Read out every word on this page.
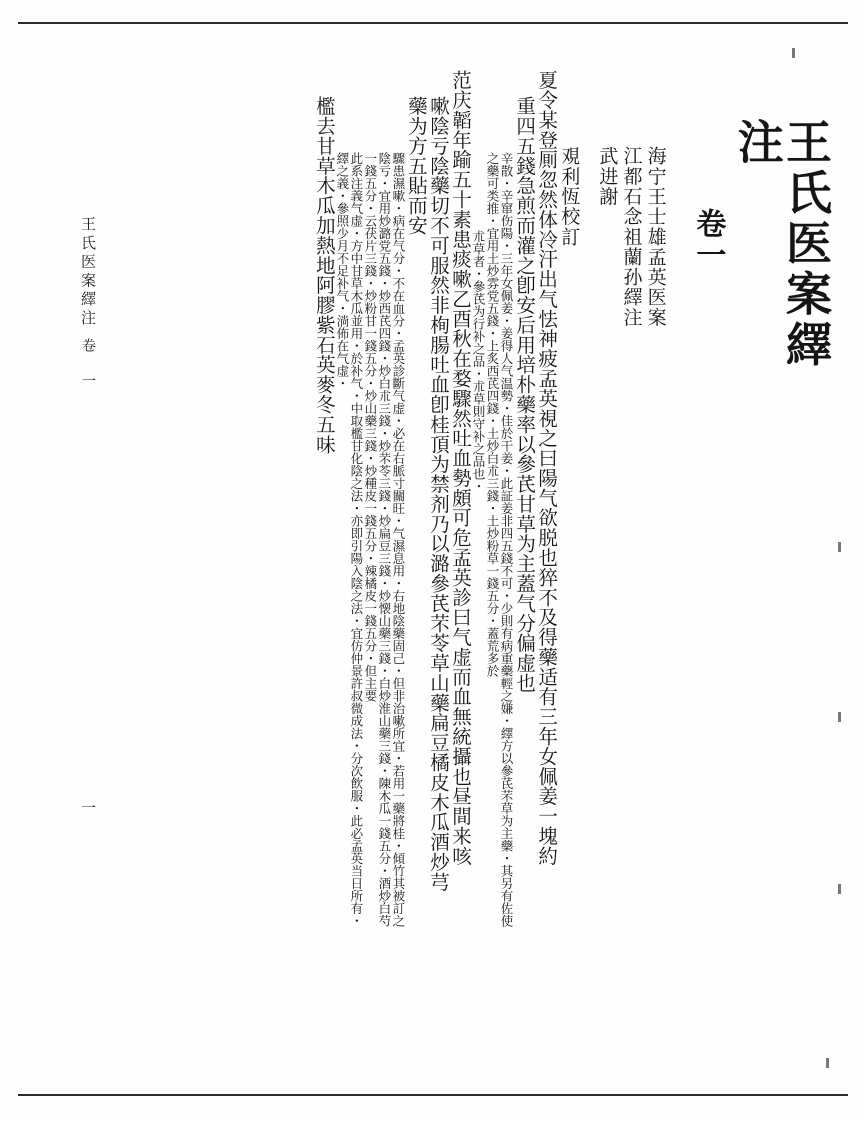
王氏医案繹注
卷 一
一
王氏医案繹注
卷一
海宁王士雄孟英医案
江都石念祖蘭孙繹注
武进謝
覌利恆校訂
夏令某登厠忽然体冷汗出气怯神疲孟英視之曰陽气欲脱也猝不及得藥适有三年女佩姜一塊約
重四五錢急煎而灌之卽安后用培朴藥率以參芪甘草为主蓋气分偏虚也
辛散・辛窜伤陽・三年女佩姜・姜得人气温勢・佳於干姜・此証姜非四五錢不可・少則有病重藥輕之嫌・繹方以參芪芣草为主藥・其另有佐使之藥可类推・宜用土炒雰党五錢・上炙西芪四錢・土炒白朮三錢・土炒粉草一錢五分・蓋荒多於
朮草者・參芪为行补之品・朮草則守补之品也・
范庆韜年踰五十素患痰嗽乙酉秋在婺驟然吐血勢頗可危孟英診曰气虚而血無統攝也昼間来咳
嗽陰亏陰藥切不可服然非栒腸吐血卽桂頂为禁剂乃以潞參芪芣苓草山藥扁豆橘皮木瓜酒炒芎
藥为方五貼而安
驟患濕嗽・病在气分・不在血分・孟英診斷气虚・必在右脈寸關旺・气濕息用・右地陰藥固己・但非治嗽所宜・若用一藥將桂・傾竹其被訂之陰亏・宜用炒潞党五錢・炒西芪四錢・炒白朮三錢・炒芣苓三錢・炒扁豆三錢・炒懐山藥三錢・白炒淮山藥三錢・陳木瓜一錢五分・酒炒白芍一錢五分・云茯片三錢・炒粉甘一錢五分・炒山藥三錢・炒種皮一錢五分・辣橘皮一錢五分・但主要
此系注義气虚・方中甘草木瓜並用・於补气・中取檻甘化陰之法・亦即引陽入陰之法・宜仿仲景許叔微成法・分次飲服・此必孟英当日所有・繹之義・參照少月不足补气・淌佈在气虚・
檻去甘草木瓜加熱地阿膠紫石英麥冬五味
